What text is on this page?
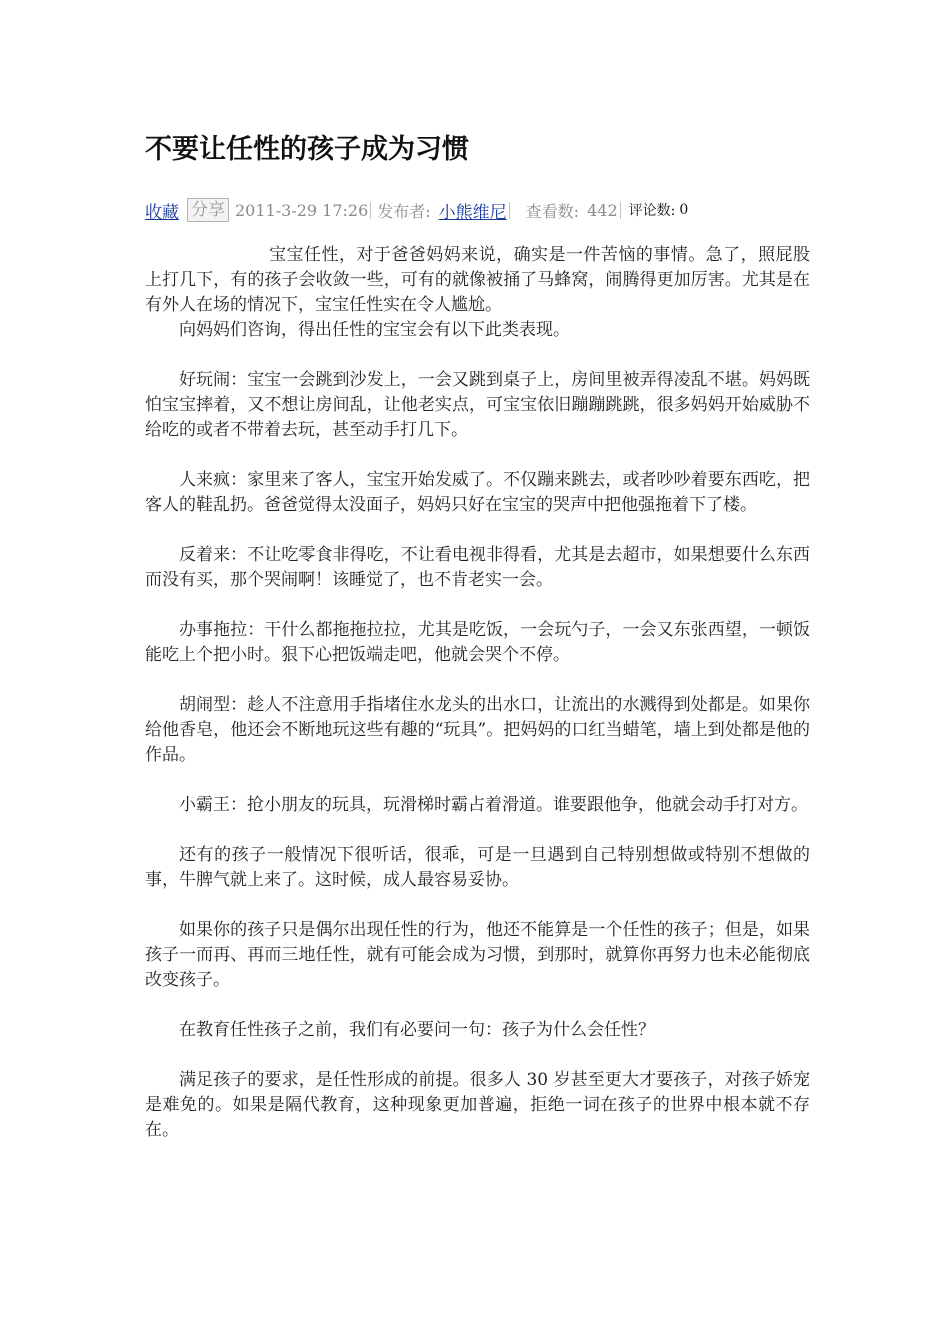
不要让任性的孩子成为习惯
收藏 分享 2011-3-29 17:26 发布者: 小熊维尼 查看数: 442 评论数: 0

宝宝任性，对于爸爸妈妈来说，确实是一件苦恼的事情。急了，照屁股上打几下，有的孩子会收敛一些，可有的就像被捅了马蜂窝，闹腾得更加厉害。尤其是在有外人在场的情况下，宝宝任性实在令人尴尬。

向妈妈们咨询，得出任性的宝宝会有以下此类表现。

好玩闹：宝宝一会跳到沙发上，一会又跳到桌子上，房间里被弄得凌乱不堪。妈妈既怕宝宝摔着，又不想让房间乱，让他老实点，可宝宝依旧蹦蹦跳跳，很多妈妈开始威胁不给吃的或者不带着去玩，甚至动手打几下。

人来疯：家里来了客人，宝宝开始发威了。不仅蹦来跳去，或者吵吵着要东西吃，把客人的鞋乱扔。爸爸觉得太没面子，妈妈只好在宝宝的哭声中把他强拖着下了楼。

反着来：不让吃零食非得吃，不让看电视非得看，尤其是去超市，如果想要什么东西而没有买，那个哭闹啊！该睡觉了，也不肯老实一会。

办事拖拉：干什么都拖拖拉拉，尤其是吃饭，一会玩勺子，一会又东张西望，一顿饭能吃上个把小时。狠下心把饭端走吧，他就会哭个不停。

胡闹型：趁人不注意用手指堵住水龙头的出水口，让流出的水溅得到处都是。如果你给他香皂，他还会不断地玩这些有趣的“玩具”。把妈妈的口红当蜡笔，墙上到处都是他的作品。

小霸王：抢小朋友的玩具，玩滑梯时霸占着滑道。谁要跟他争，他就会动手打对方。

还有的孩子一般情况下很听话，很乖，可是一旦遇到自己特别想做或特别不想做的事，牛脾气就上来了。这时候，成人最容易妥协。

如果你的孩子只是偶尔出现任性的行为，他还不能算是一个任性的孩子；但是，如果孩子一而再、再而三地任性，就有可能会成为习惯，到那时，就算你再努力也未必能彻底改变孩子。

在教育任性孩子之前，我们有必要问一句：孩子为什么会任性？

满足孩子的要求，是任性形成的前提。很多人 30 岁甚至更大才要孩子，对孩子娇宠是难免的。如果是隔代教育，这种现象更加普遍，拒绝一词在孩子的世界中根本就不存在。
